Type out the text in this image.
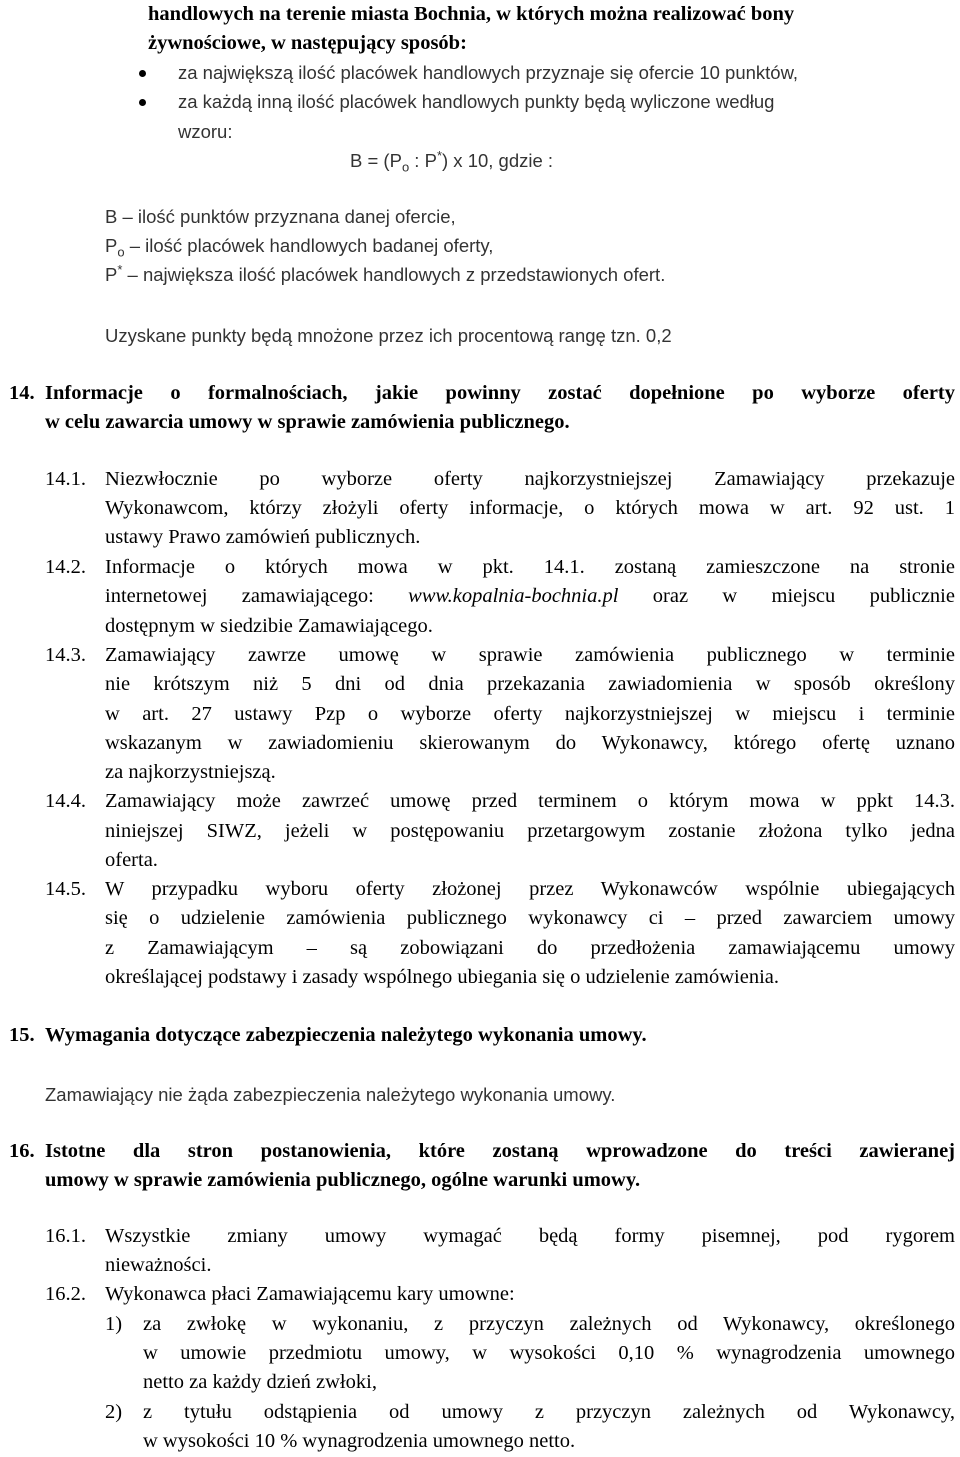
handlowych na terenie miasta Bochnia, w których można realizować bony
żywnościowe, w następujący sposób:
za największą ilość placówek handlowych przyznaje się ofercie 10 punktów,
za każdą inną ilość placówek handlowych punkty będą wyliczone według
wzoru:
$B = (P_o$ : P*) x 10, gdzie :
B – ilość punktów przyznana danej ofercie,
$P_o$ – ilość placówek handlowych badanej oferty,
P* – największa ilość placówek handlowych z przedstawionych ofert.
Uzyskane punkty będą mnożone przez ich procentową rangę tzn. 0,2
14. Informacje o formalnościach, jakie powinny zostać dopełnione po wyborze oferty
w celu zawarcia umowy w sprawie zamówienia publicznego.
14.1. Niezwłocznie po wyborze oferty najkorzystniejszej Zamawiający przekazuje
Wykonawcom, którzy złożyli oferty informacje, o których mowa w art. 92 ust. 1
ustawy Prawo zamówień publicznych.
14.2. Informacje o których mowa w pkt. 14.1. zostaną zamieszczone na stronie
internetowej zamawiającego: www.kopalnia-bochnia.pl oraz w miejscu publicznie
dostępnym w siedzibie Zamawiającego.
14.3. Zamawiający zawrze umowę w sprawie zamówienia publicznego w terminie
nie krótszym niż 5 dni od dnia przekazania zawiadomienia w sposób określony
w art. 27 ustawy Pzp o wyborze oferty najkorzystniejszej w miejscu i terminie
wskazanym w zawiadomieniu skierowanym do Wykonawcy, którego ofertę uznano
za najkorzystniejszą.
14.4. Zamawiający może zawrzeć umowę przed terminem o którym mowa w ppkt 14.3.
niniejszej SIWZ, jeżeli w postępowaniu przetargowym zostanie złożona tylko jedna
oferta.
14.5. W przypadku wyboru oferty złożonej przez Wykonawców wspólnie ubiegających
się o udzielenie zamówienia publicznego wykonawcy ci – przed zawarciem umowy
z Zamawiającym – są zobowiązani do przedłożenia zamawiającemu umowy
określającej podstawy i zasady wspólnego ubiegania się o udzielenie zamówienia.
15. Wymagania dotyczące zabezpieczenia należytego wykonania umowy.
Zamawiający nie żąda zabezpieczenia należytego wykonania umowy.
16. Istotne dla stron postanowienia, które zostaną wprowadzone do treści zawieranej
umowy w sprawie zamówienia publicznego, ogólne warunki umowy.
16.1. Wszystkie zmiany umowy wymagać będą formy pisemnej, pod rygorem
nieważności.
16.2. Wykonawca płaci Zamawiającemu kary umowne:
1) za zwłokę w wykonaniu, z przyczyn zależnych od Wykonawcy, określonego
w umowie przedmiotu umowy, w wysokości 0,10 % wynagrodzenia umownego
netto za każdy dzień zwłoki,
2) z tytułu odstąpienia od umowy z przyczyn zależnych od Wykonawcy,
w wysokości 10 % wynagrodzenia umownego netto.
